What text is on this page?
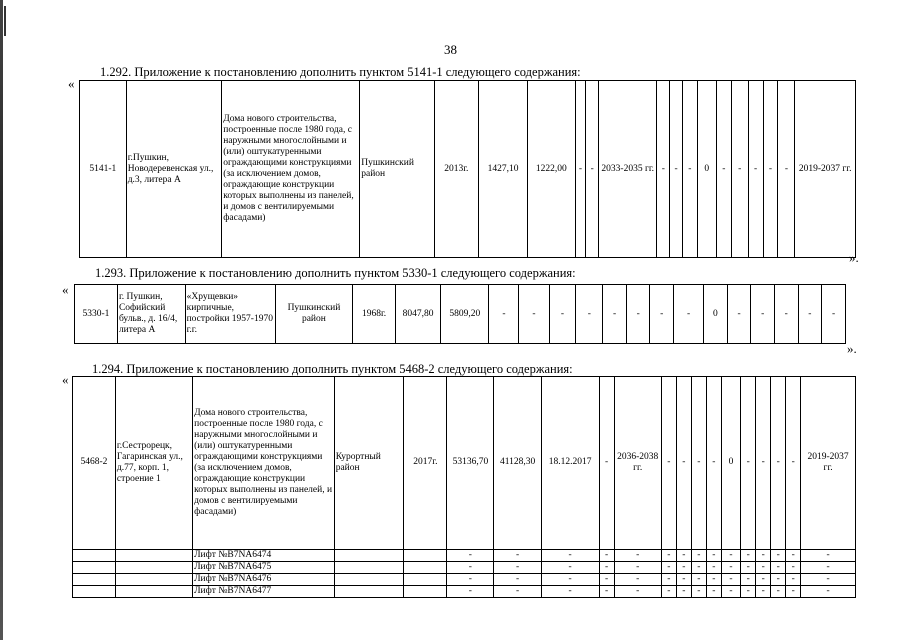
38
1.292. Приложение к постановлению дополнить пунктом 5141-1 следующего содержания:
«
5141-1	г.Пушкин, Новодеревенская ул., д.3, литера А	Дома нового строительства, построенные после 1980 года, с наружными многослойными и (или) оштукатуренными ограждающими конструкциями (за исключением домов, ограждающие конструкции которых выполнены из панелей, и домов с вентилируемыми фасадами)	Пушкинский район	2013г.	1427,10	1222,00	-	-	2033-2035 гг.	-	-	-	0	-	-	-	-	-	2019-2037 гг.
».
1.293. Приложение к постановлению дополнить пунктом 5330-1 следующего содержания:
«
5330-1	г. Пушкин, Софийский бульв., д. 16/4, литера А	«Хрущевки» кирпичные, постройки 1957-1970 г.г.	Пушкинский район	1968г.	8047,80	5809,20	-	-	-	-	-	-	-	-	0	-	-	-	-	-
».
1.294. Приложение к постановлению дополнить пунктом 5468-2 следующего содержания:
«
5468-2	г.Сестрорецк, Гагаринская ул., д.77, корп. 1, строение 1	Дома нового строительства, построенные после 1980 года, с наружными многослойными и (или) оштукатуренными ограждающими конструкциями (за исключением домов, ограждающие конструкции которых выполнены из панелей, и домов с вентилируемыми фасадами)	Курортный район	2017г.	53136,70	41128,30	18.12.2017	-	2036-2038 гг.	-	-	-	-	0	-	-	-	-	2019-2037 гг.
		Лифт №B7NA6474			-	-	-	-	-	-	-	-	-	-	-	-	-	-	-
		Лифт №B7NA6475			-	-	-	-	-	-	-	-	-	-	-	-	-	-	-
		Лифт №B7NA6476			-	-	-	-	-	-	-	-	-	-	-	-	-	-	-
		Лифт №B7NA6477			-	-	-	-	-	-	-	-	-	-	-	-	-	-	-
